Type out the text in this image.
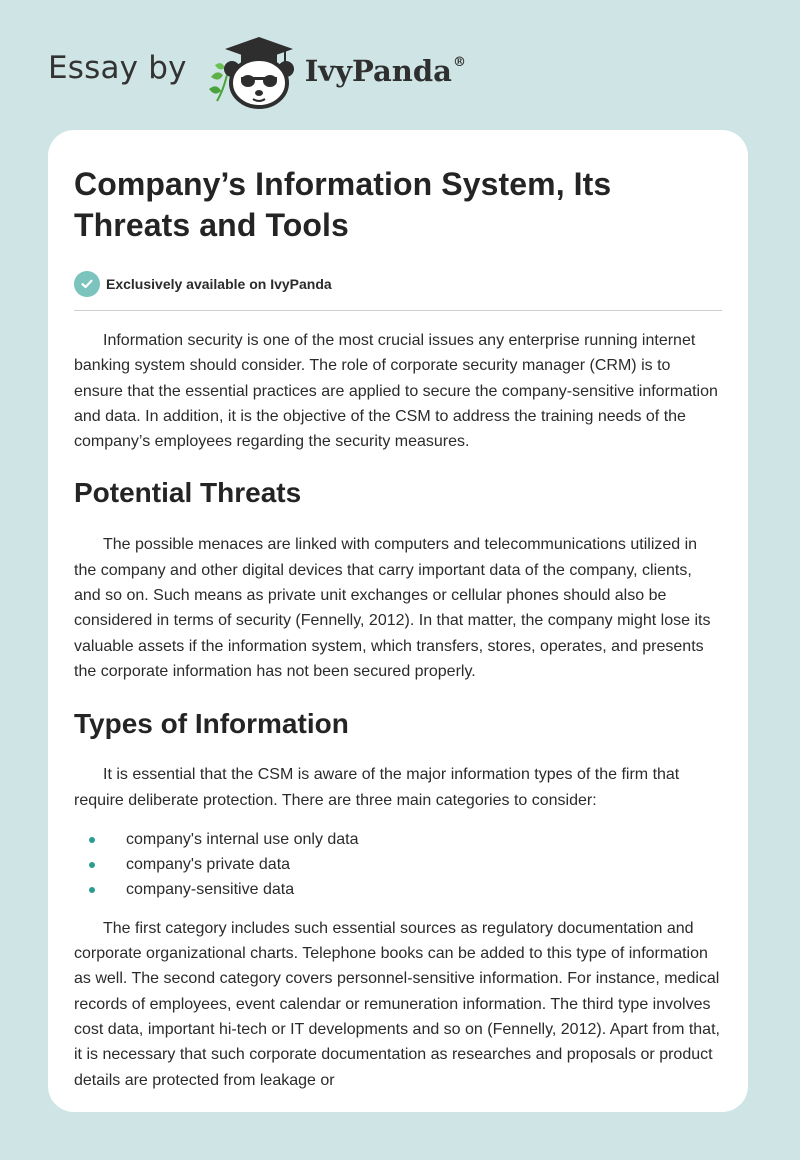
Essay by	IvyPanda®
Company’s Information System, Its Threats and Tools
Exclusively available on IvyPanda

Information security is one of the most crucial issues any enterprise running internet banking system should consider. The role of corporate security manager (CRM) is to ensure that the essential practices are applied to secure the company-sensitive information and data. In addition, it is the objective of the CSM to address the training needs of the company’s employees regarding the security measures.

Potential Threats

The possible menaces are linked with computers and telecommunications utilized in the company and other digital devices that carry important data of the company, clients, and so on. Such means as private unit exchanges or cellular phones should also be considered in terms of security (Fennelly, 2012). In that matter, the company might lose its valuable assets if the information system, which transfers, stores, operates, and presents the corporate information has not been secured properly.

Types of Information

It is essential that the CSM is aware of the major information types of the firm that require deliberate protection. There are three main categories to consider:

company's internal use only data
company's private data
company-sensitive data

The first category includes such essential sources as regulatory documentation and corporate organizational charts. Telephone books can be added to this type of information as well. The second category covers personnel-sensitive information. For instance, medical records of employees, event calendar or remuneration information. The third type involves cost data, important hi-tech or IT developments and so on (Fennelly, 2012). Apart from that, it is necessary that such corporate documentation as researches and proposals or product details are protected from leakage or
